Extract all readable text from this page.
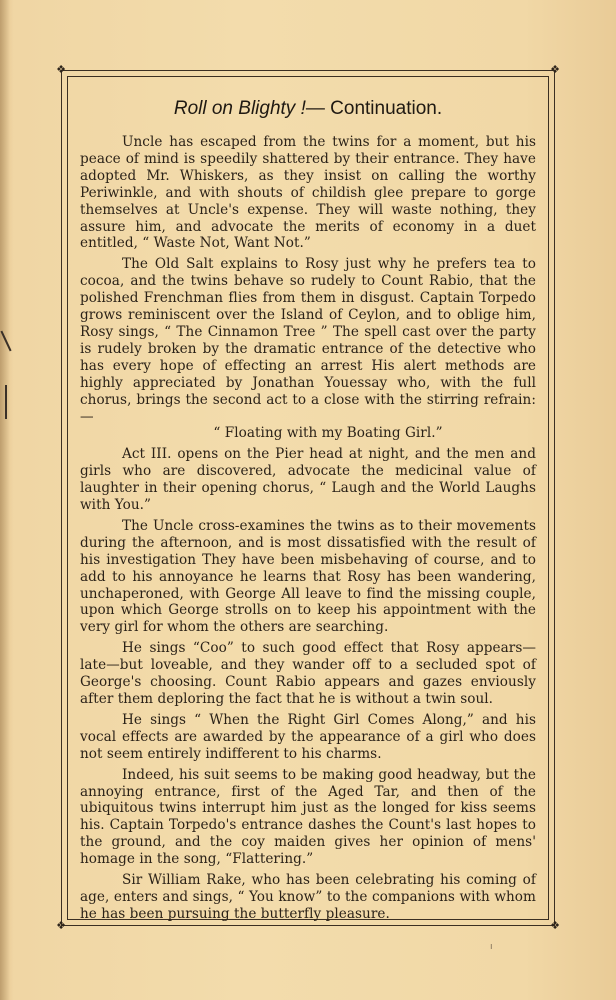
❖	❖
❖	❖
Roll on Blighty !— Continuation.

Uncle has escaped from the twins for a moment, but his peace of mind is speedily shattered by their entrance. They have adopted Mr. Whiskers, as they insist on calling the worthy Periwinkle, and with shouts of childish glee prepare to gorge themselves at Uncle's expense. They will waste nothing, they assure him, and advocate the merits of economy in a duet entitled, “ Waste Not, Want Not.”

The Old Salt explains to Rosy just why he prefers tea to cocoa, and the twins behave so rudely to Count Rabio, that the polished Frenchman flies from them in disgust. Captain Torpedo grows reminiscent over the Island of Ceylon, and to oblige him, Rosy sings, “ The Cinnamon Tree ” The spell cast over the party is rudely broken by the dramatic entrance of the detective who has every hope of effecting an arrest His alert methods are highly appreciated by Jonathan Youessay who, with the full chorus, brings the second act to a close with the stirring refrain:—
“ Floating with my Boating Girl.”

Act III. opens on the Pier head at night, and the men and girls who are discovered, advocate the medicinal value of laughter in their opening chorus, “ Laugh and the World Laughs with You.”

The Uncle cross-examines the twins as to their movements during the afternoon, and is most dissatisfied with the result of his investigation They have been misbehaving of course, and to add to his annoyance he learns that Rosy has been wandering, unchaperoned, with George All leave to find the missing couple, upon which George strolls on to keep his appointment with the very girl for whom the others are searching.

He sings “Coo” to such good effect that Rosy appears— late—but loveable, and they wander off to a secluded spot of George's choosing. Count Rabio appears and gazes enviously after them deploring the fact that he is without a twin soul.

He sings “ When the Right Girl Comes Along,” and his vocal effects are awarded by the appearance of a girl who does not seem entirely indifferent to his charms.

Indeed, his suit seems to be making good headway, but the annoying entrance, first of the Aged Tar, and then of the ubiquitous twins interrupt him just as the longed for kiss seems his. Captain Torpedo's entrance dashes the Count's last hopes to the ground, and the coy maiden gives her opinion of mens' homage in the song, “Flattering.”

Sir William Rake, who has been celebrating his coming of age, enters and sings, “ You know” to the companions with whom he has been pursuing the butterfly pleasure.

ı
